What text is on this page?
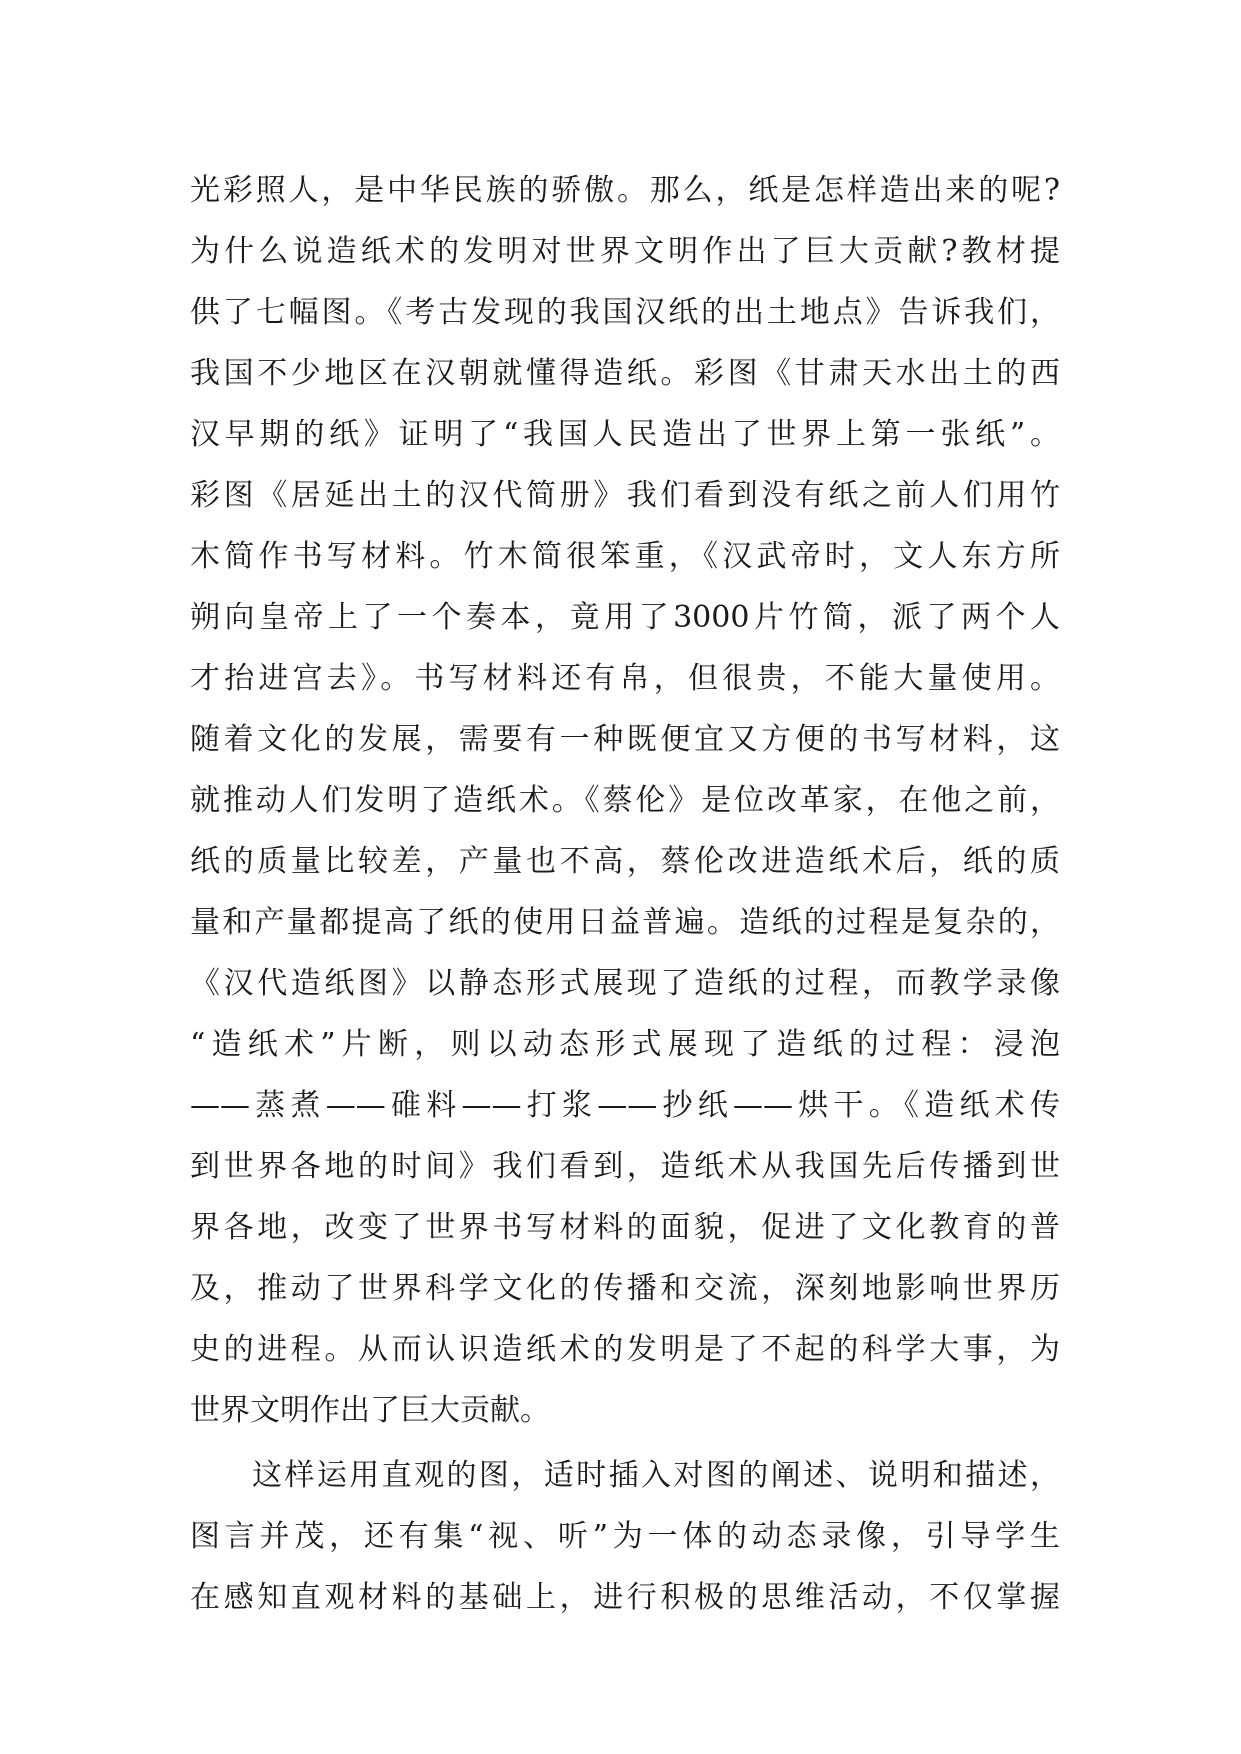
光彩照人，是中华民族的骄傲。那么，纸是怎样造出来的呢?
为什么说造纸术的发明对世界文明作出了巨大贡献?教材提
供了七幅图。《考古发现的我国汉纸的出土地点》告诉我们，
我国不少地区在汉朝就懂得造纸。彩图《甘肃天水出土的西
汉早期的纸》证明了“我国人民造出了世界上第一张纸”。
彩图《居延出土的汉代简册》我们看到没有纸之前人们用竹
木简作书写材料。竹木简很笨重，《汉武帝时，文人东方所
朔向皇帝上了一个奏本，竟用了3000片竹简，派了两个人
才抬进宫去》。书写材料还有帛，但很贵，不能大量使用。
随着文化的发展，需要有一种既便宜又方便的书写材料，这
就推动人们发明了造纸术。《蔡伦》是位改革家，在他之前，
纸的质量比较差，产量也不高，蔡伦改进造纸术后，纸的质
量和产量都提高了纸的使用日益普遍。造纸的过程是复杂的，
《汉代造纸图》以静态形式展现了造纸的过程，而教学录像
“造纸术”片断，则以动态形式展现了造纸的过程：浸泡
——蒸煮——碓料——打浆——抄纸——烘干。《造纸术传
到世界各地的时间》我们看到，造纸术从我国先后传播到世
界各地，改变了世界书写材料的面貌，促进了文化教育的普
及，推动了世界科学文化的传播和交流，深刻地影响世界历
史的进程。从而认识造纸术的发明是了不起的科学大事，为
世界文明作出了巨大贡献。
这样运用直观的图，适时插入对图的阐述、说明和描述，
图言并茂，还有集“视、听”为一体的动态录像，引导学生
在感知直观材料的基础上，进行积极的思维活动，不仅掌握
